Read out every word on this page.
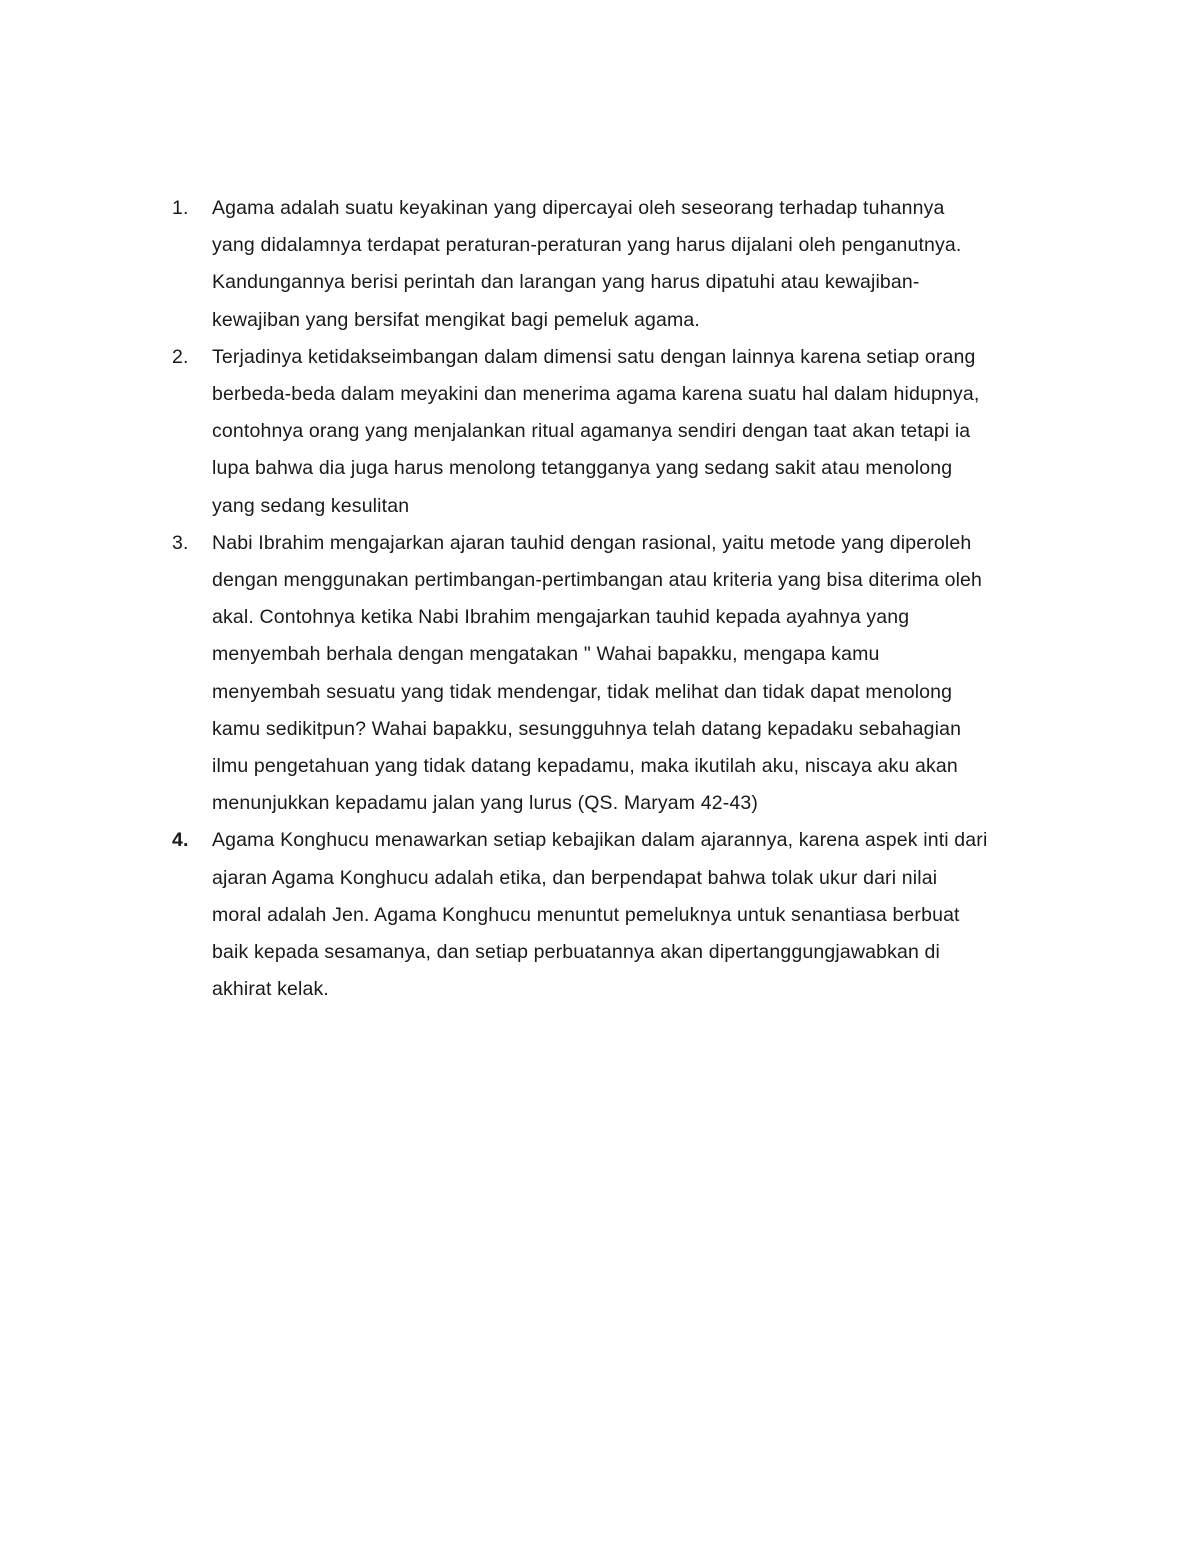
1.	Agama adalah suatu keyakinan yang dipercayai oleh seseorang terhadap tuhannya
yang didalamnya terdapat peraturan-peraturan yang harus dijalani oleh penganutnya.
Kandungannya berisi perintah dan larangan yang harus dipatuhi atau kewajiban-
kewajiban yang bersifat mengikat bagi pemeluk agama.
2.	Terjadinya ketidakseimbangan dalam dimensi satu dengan lainnya karena setiap orang
berbeda-beda dalam meyakini dan menerima agama karena suatu hal dalam hidupnya,
contohnya orang yang menjalankan ritual agamanya sendiri dengan taat akan tetapi ia
lupa bahwa dia juga harus menolong tetangganya yang sedang sakit atau menolong
yang sedang kesulitan
3.	Nabi Ibrahim mengajarkan ajaran tauhid dengan rasional, yaitu metode yang diperoleh
dengan menggunakan pertimbangan-pertimbangan atau kriteria yang bisa diterima oleh
akal. Contohnya ketika Nabi Ibrahim mengajarkan tauhid kepada ayahnya yang
menyembah berhala dengan mengatakan " Wahai bapakku, mengapa kamu
menyembah sesuatu yang tidak mendengar, tidak melihat dan tidak dapat menolong
kamu sedikitpun? Wahai bapakku, sesungguhnya telah datang kepadaku sebahagian
ilmu pengetahuan yang tidak datang kepadamu, maka ikutilah aku, niscaya aku akan
menunjukkan kepadamu jalan yang lurus (QS. Maryam 42-43)
4.	Agama Konghucu menawarkan setiap kebajikan dalam ajarannya, karena aspek inti dari
ajaran Agama Konghucu adalah etika, dan berpendapat bahwa tolak ukur dari nilai
moral adalah Jen. Agama Konghucu menuntut pemeluknya untuk senantiasa berbuat
baik kepada sesamanya, dan setiap perbuatannya akan dipertanggungjawabkan di
akhirat kelak.
